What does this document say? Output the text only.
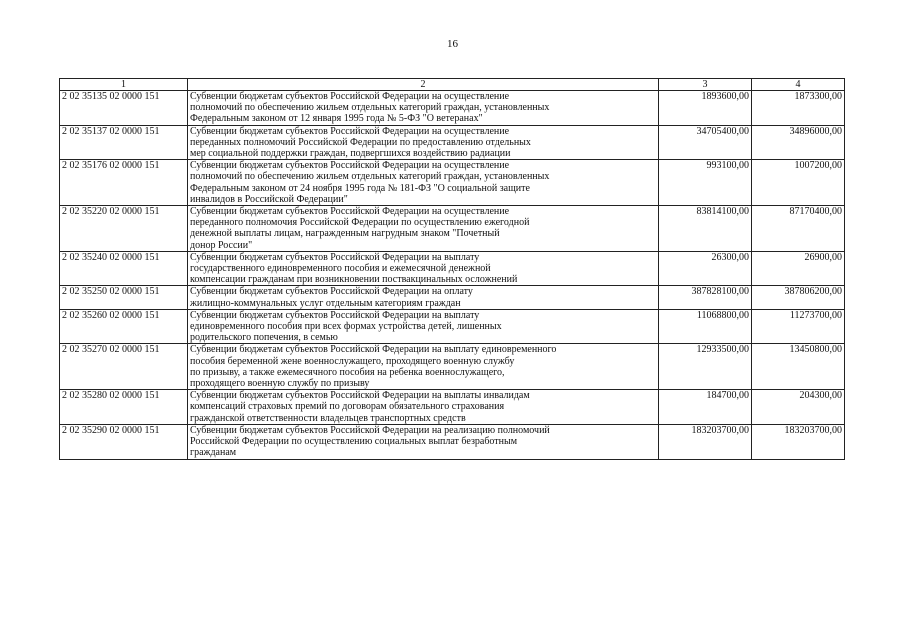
16
1	2	3	4
2 02 35135 02 0000 151	Субвенции бюджетам субъектов Российской Федерации на осуществление
полномочий по обеспечению жильем отдельных категорий граждан, установленных
Федеральным законом от 12 января 1995 года № 5-ФЗ "О ветеранах"	1893600,00	1873300,00
2 02 35137 02 0000 151	Субвенции бюджетам субъектов Российской Федерации на осуществление
переданных полномочий Российской Федерации по предоставлению отдельных
мер социальной поддержки граждан, подвергшихся воздействию радиации	34705400,00	34896000,00
2 02 35176 02 0000 151	Субвенции бюджетам субъектов Российской Федерации на осуществление
полномочий по обеспечению жильем отдельных категорий граждан, установленных
Федеральным законом от 24 ноября 1995 года № 181-ФЗ "О социальной защите
инвалидов в Российской Федерации"	993100,00	1007200,00
2 02 35220 02 0000 151	Субвенции бюджетам субъектов Российской Федерации на осуществление
переданного полномочия Российской Федерации по осуществлению ежегодной
денежной выплаты лицам, награжденным нагрудным знаком "Почетный
донор России"	83814100,00	87170400,00
2 02 35240 02 0000 151	Субвенции бюджетам субъектов Российской Федерации на выплату
государственного единовременного пособия и ежемесячной денежной
компенсации гражданам при возникновении поствакцинальных осложнений	26300,00	26900,00
2 02 35250 02 0000 151	Субвенции бюджетам субъектов Российской Федерации на оплату
жилищно-коммунальных услуг отдельным категориям граждан	387828100,00	387806200,00
2 02 35260 02 0000 151	Субвенции бюджетам субъектов Российской Федерации на выплату
единовременного пособия при всех формах устройства детей, лишенных
родительского попечения, в семью	11068800,00	11273700,00
2 02 35270 02 0000 151	Субвенции бюджетам субъектов Российской Федерации на выплату единовременного
пособия беременной жене военнослужащего, проходящего военную службу
по призыву, а также ежемесячного пособия на ребенка военнослужащего,
проходящего военную службу по призыву	12933500,00	13450800,00
2 02 35280 02 0000 151	Субвенции бюджетам субъектов Российской Федерации на выплаты инвалидам
компенсаций страховых премий по договорам обязательного страхования
гражданской ответственности владельцев транспортных средств	184700,00	204300,00
2 02 35290 02 0000 151	Субвенции бюджетам субъектов Российской Федерации на реализацию полномочий
Российской Федерации по осуществлению социальных выплат безработным
гражданам	183203700,00	183203700,00
